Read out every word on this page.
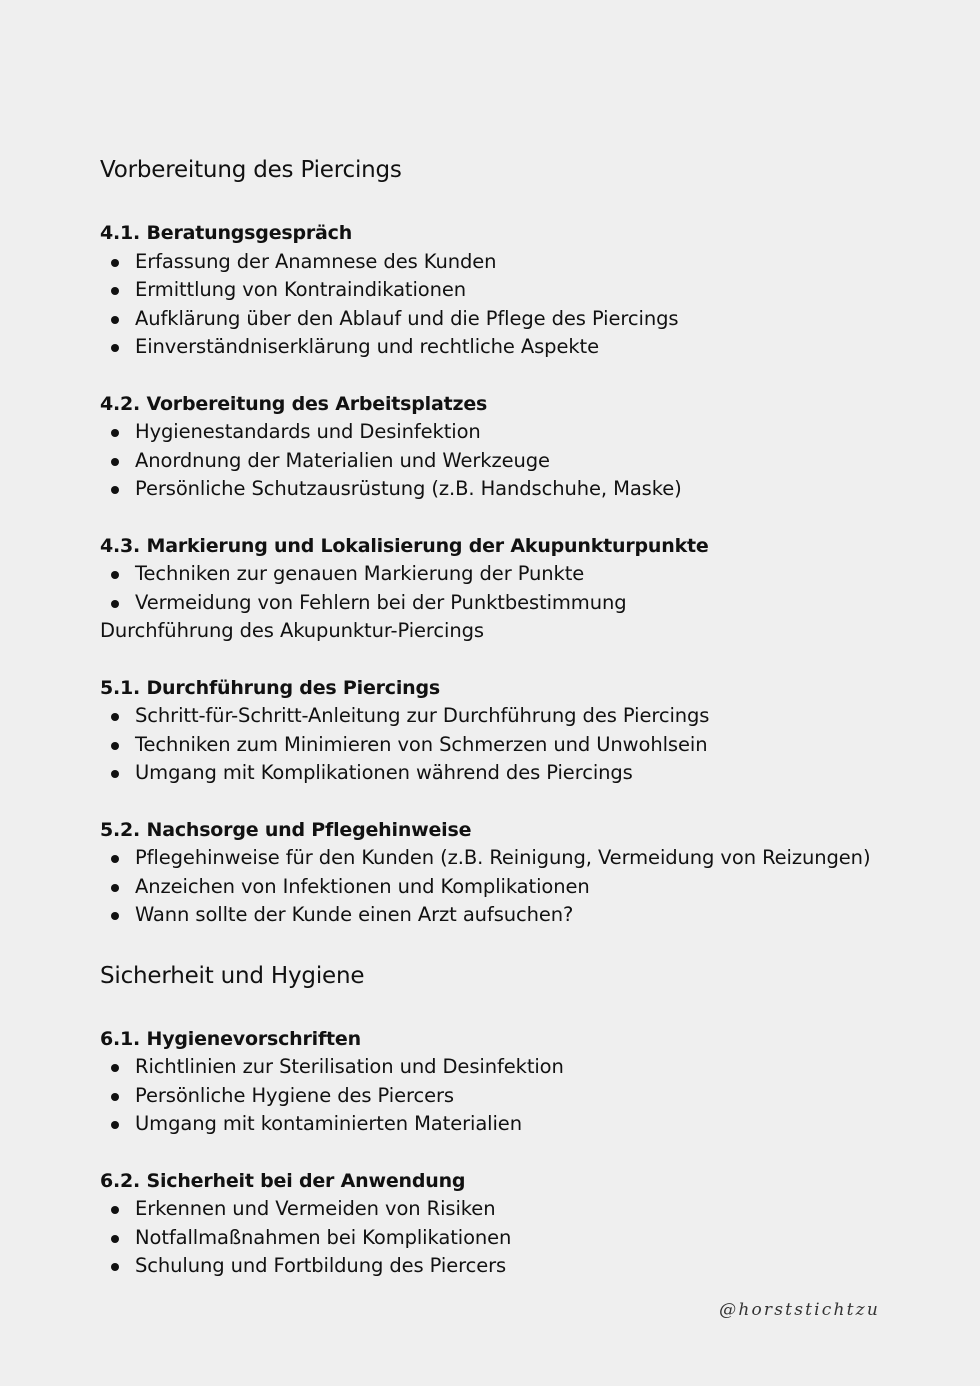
Vorbereitung des Piercings
4.1. Beratungsgespräch
Erfassung der Anamnese des Kunden
Ermittlung von Kontraindikationen
Aufklärung über den Ablauf und die Pflege des Piercings
Einverständniserklärung und rechtliche Aspekte
4.2. Vorbereitung des Arbeitsplatzes
Hygienestandards und Desinfektion
Anordnung der Materialien und Werkzeuge
Persönliche Schutzausrüstung (z.B. Handschuhe, Maske)
4.3. Markierung und Lokalisierung der Akupunkturpunkte
Techniken zur genauen Markierung der Punkte
Vermeidung von Fehlern bei der Punktbestimmung
Durchführung des Akupunktur-Piercings
5.1. Durchführung des Piercings
Schritt-für-Schritt-Anleitung zur Durchführung des Piercings
Techniken zum Minimieren von Schmerzen und Unwohlsein
Umgang mit Komplikationen während des Piercings
5.2. Nachsorge und Pflegehinweise
Pflegehinweise für den Kunden (z.B. Reinigung, Vermeidung von Reizungen)
Anzeichen von Infektionen und Komplikationen
Wann sollte der Kunde einen Arzt aufsuchen?
Sicherheit und Hygiene
6.1. Hygienevorschriften
Richtlinien zur Sterilisation und Desinfektion
Persönliche Hygiene des Piercers
Umgang mit kontaminierten Materialien
6.2. Sicherheit bei der Anwendung
Erkennen und Vermeiden von Risiken
Notfallmaßnahmen bei Komplikationen
Schulung und Fortbildung des Piercers
@horststichtzu
